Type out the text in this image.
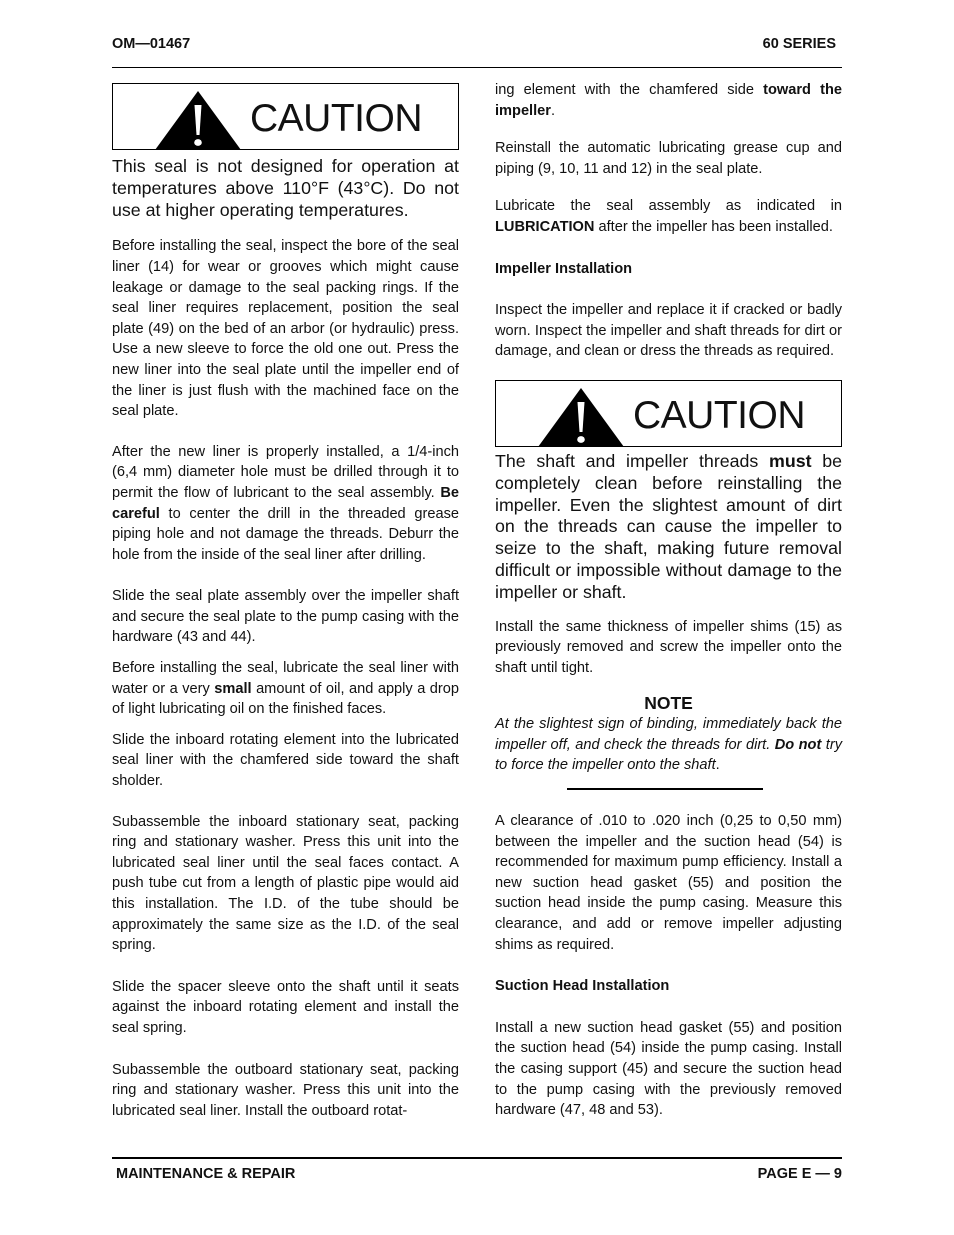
OM—01467	60 SERIES
CAUTION

This seal is not designed for operation at temperatures above 110°F (43°C). Do not use at higher operating temperatures.

Before installing the seal, inspect the bore of the seal liner (14) for wear or grooves which might cause leakage or damage to the seal packing rings. If the seal liner requires replacement, position the seal plate (49) on the bed of an arbor (or hydraulic) press. Use a new sleeve to force the old one out. Press the new liner into the seal plate until the impeller end of the liner is just flush with the machined face on the seal plate.

After the new liner is properly installed, a 1/4-inch (6,4 mm) diameter hole must be drilled through it to permit the flow of lubricant to the seal assembly. Be careful to center the drill in the threaded grease piping hole and not damage the threads. Deburr the hole from the inside of the seal liner after drilling.

Slide the seal plate assembly over the impeller shaft and secure the seal plate to the pump casing with the hardware (43 and 44).

Before installing the seal, lubricate the seal liner with water or a very small amount of oil, and apply a drop of light lubricating oil on the finished faces.

Slide the inboard rotating element into the lubricated seal liner with the chamfered side toward the shaft sholder.

Subassemble the inboard stationary seat, packing ring and stationary washer. Press this unit into the lubricated seal liner until the seal faces contact. A push tube cut from a length of plastic pipe would aid this installation. The I.D. of the tube should be approximately the same size as the I.D. of the seal spring.

Slide the spacer sleeve onto the shaft until it seats against the inboard rotating element and install the seal spring.

Subassemble the outboard stationary seat, packing ring and stationary washer. Press this unit into the lubricated seal liner. Install the outboard rotat-

ing element with the chamfered side toward the impeller.

Reinstall the automatic lubricating grease cup and piping (9, 10, 11 and 12) in the seal plate.

Lubricate the seal assembly as indicated in LUBRICATION after the impeller has been installed.

Impeller Installation

Inspect the impeller and replace it if cracked or badly worn. Inspect the impeller and shaft threads for dirt or damage, and clean or dress the threads as required.

CAUTION

The shaft and impeller threads must be completely clean before reinstalling the impeller. Even the slightest amount of dirt on the threads can cause the impeller to seize to the shaft, making future removal difficult or impossible without damage to the impeller or shaft.

Install the same thickness of impeller shims (15) as previously removed and screw the impeller onto the shaft until tight.

NOTE

At the slightest sign of binding, immediately back the impeller off, and check the threads for dirt. Do not try to force the impeller onto the shaft.

A clearance of .010 to .020 inch (0,25 to 0,50 mm) between the impeller and the suction head (54) is recommended for maximum pump efficiency. Install a new suction head gasket (55) and position the suction head inside the pump casing. Measure this clearance, and add or remove impeller adjusting shims as required.

Suction Head Installation

Install a new suction head gasket (55) and position the suction head (54) inside the pump casing. Install the casing support (45) and secure the suction head to the pump casing with the previously removed hardware (47, 48 and 53).

MAINTENANCE & REPAIR	PAGE E — 9
